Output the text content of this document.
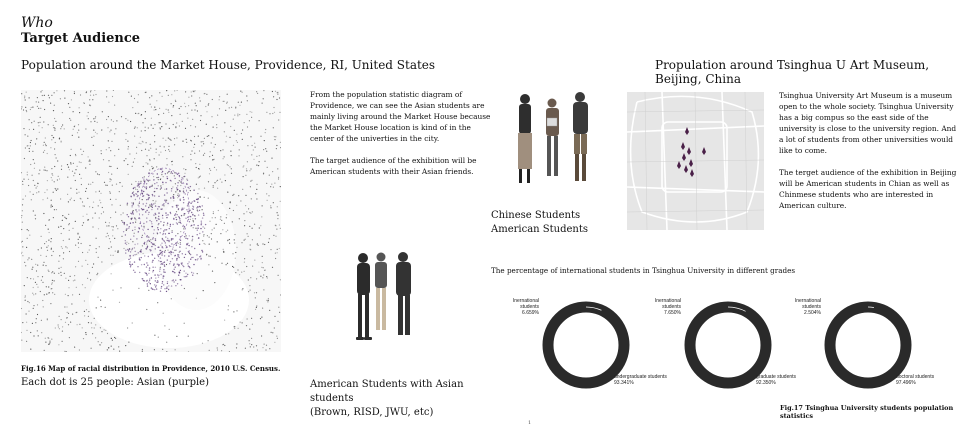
Who
Target Audience
Population around the Market House, Providence, RI, United States	Propulation around Tsinghua U Art Museum, Beijing, China
Fig.16 Map of racial distribution in Providence, 2010 U.S. Census.
Each dot is 25 people: Asian (purple)
From the population statistic diagram of Providence, we can see the Asian students are mainly living around the Market House because the Market House location is kind of in the center of the univerties in the city.
The target audience of the exhibition will be American students with their Asian friends.
American Students with Asian students
(Brown, RISD, JWU, etc)
Chinese Students
American Students
Tsinghua University Art Museum is a museum open to the whole society. Tsinghua University has a big compus so the east side of the university is close to the university region. And a lot of students from other universities would like to come.
The terget audience of the exhibition in Beijing will be American students in Chian as well as Chinmese students who are interested in American culture.
The percentage of international students in Tsinghua University in different grades
Inernational students
6.659%
undergraduate students
93.341%
Inernational students
7.650%
graduate students
92.350%
Inernational students
2.504%
doctoral students
97.496%
Fig.17 Tsinghua University students population statistics
1
